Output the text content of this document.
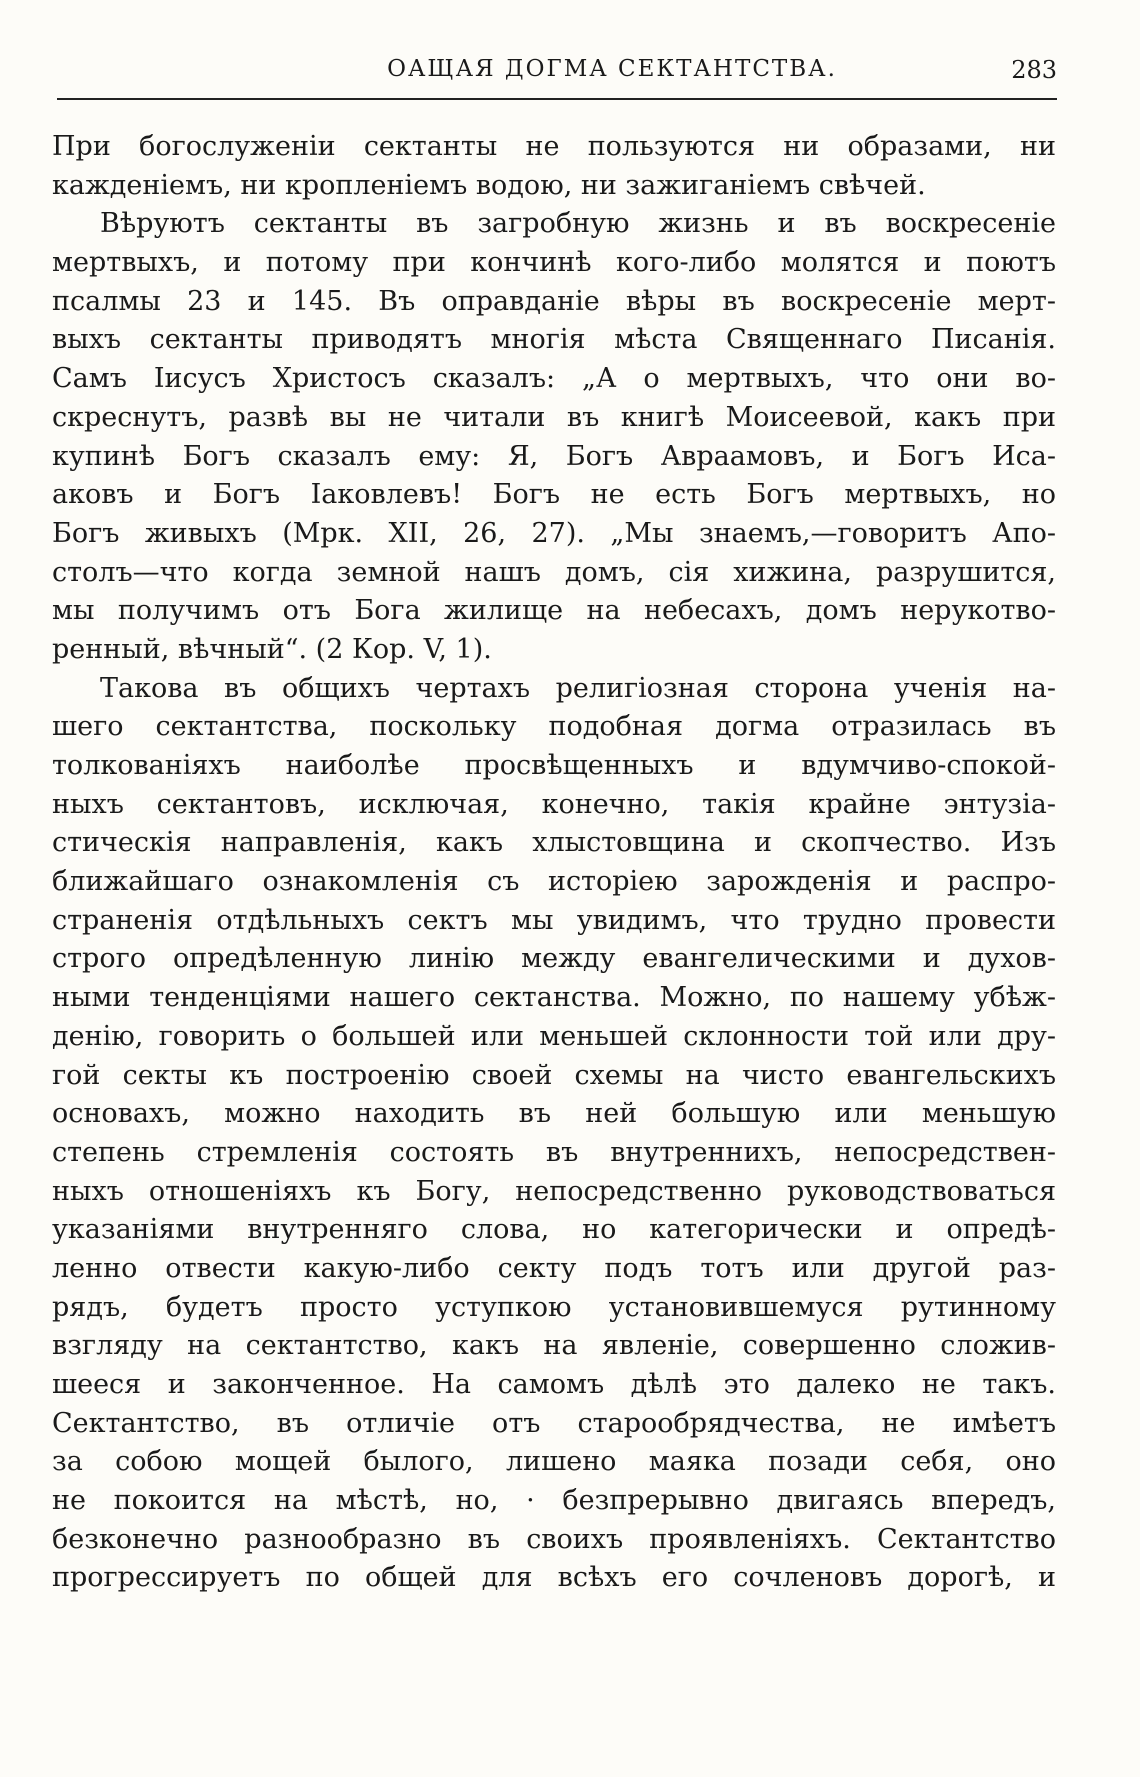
ОАЩАЯ ДОГМА СЕКТАНТСТВА.	283
При богослуженіи сектанты не пользуются ни образами, ни
кажденіемъ, ни кропленіемъ водою, ни зажиганіемъ свѣчей.
Вѣруютъ сектанты въ загробную жизнь и въ воскресеніе
мертвыхъ, и потому при кончинѣ кого-либо молятся и поютъ
псалмы 23 и 145. Въ оправданіе вѣры въ воскресеніе мерт-
выхъ сектанты приводятъ многія мѣста Священнаго Писанія.
Самъ Іисусъ Христосъ сказалъ: „А о мертвыхъ, что они во-
скреснутъ, развѣ вы не читали въ книгѣ Моисеевой, какъ при
купинѣ Богъ сказалъ ему: Я, Богъ Авраамовъ, и Богъ Иса-
аковъ и Богъ Іаковлевъ! Богъ не есть Богъ мертвыхъ, но
Богъ живыхъ (Мрк. XII, 26, 27). „Мы знаемъ,—говоритъ Апо-
столъ—что когда земной нашъ домъ, сія хижина, разрушится,
мы получимъ отъ Бога жилище на небесахъ, домъ нерукотво-
ренный, вѣчный“. (2 Кор. V, 1).
Такова въ общихъ чертахъ религіозная сторона ученія на-
шего сектантства, поскольку подобная догма отразилась въ
толкованіяхъ наиболѣе просвѣщенныхъ и вдумчиво-спокой-
ныхъ сектантовъ, исключая, конечно, такія крайне энтузіа-
стическія направленія, какъ хлыстовщина и скопчество. Изъ
ближайшаго ознакомленія съ исторіею зарожденія и распро-
страненія отдѣльныхъ сектъ мы увидимъ, что трудно провести
строго опредѣленную линію между евангелическими и духов-
ными тенденціями нашего сектанства. Можно, по нашему убѣж-
денію, говорить о большей или меньшей склонности той или дру-
гой секты къ построенію своей схемы на чисто евангельскихъ
основахъ, можно находить въ ней большую или меньшую
степень стремленія состоять въ внутреннихъ, непосредствен-
ныхъ отношеніяхъ къ Богу, непосредственно руководствоваться
указаніями внутренняго слова, но категорически и опредѣ-
ленно отвести какую-либо секту подъ тотъ или другой раз-
рядъ, будетъ просто уступкою установившемуся рутинному
взгляду на сектантство, какъ на явленіе, совершенно сложив-
шееся и законченное. На самомъ дѣлѣ это далеко не такъ.
Сектантство, въ отличіе отъ старообрядчества, не имѣетъ
за собою мощей былого, лишено маяка позади себя, оно
не покоится на мѣстѣ, но, · безпрерывно двигаясь впередъ,
безконечно разнообразно въ своихъ проявленіяхъ. Сектантство
прогрессируетъ по общей для всѣхъ его сочленовъ дорогѣ, и
